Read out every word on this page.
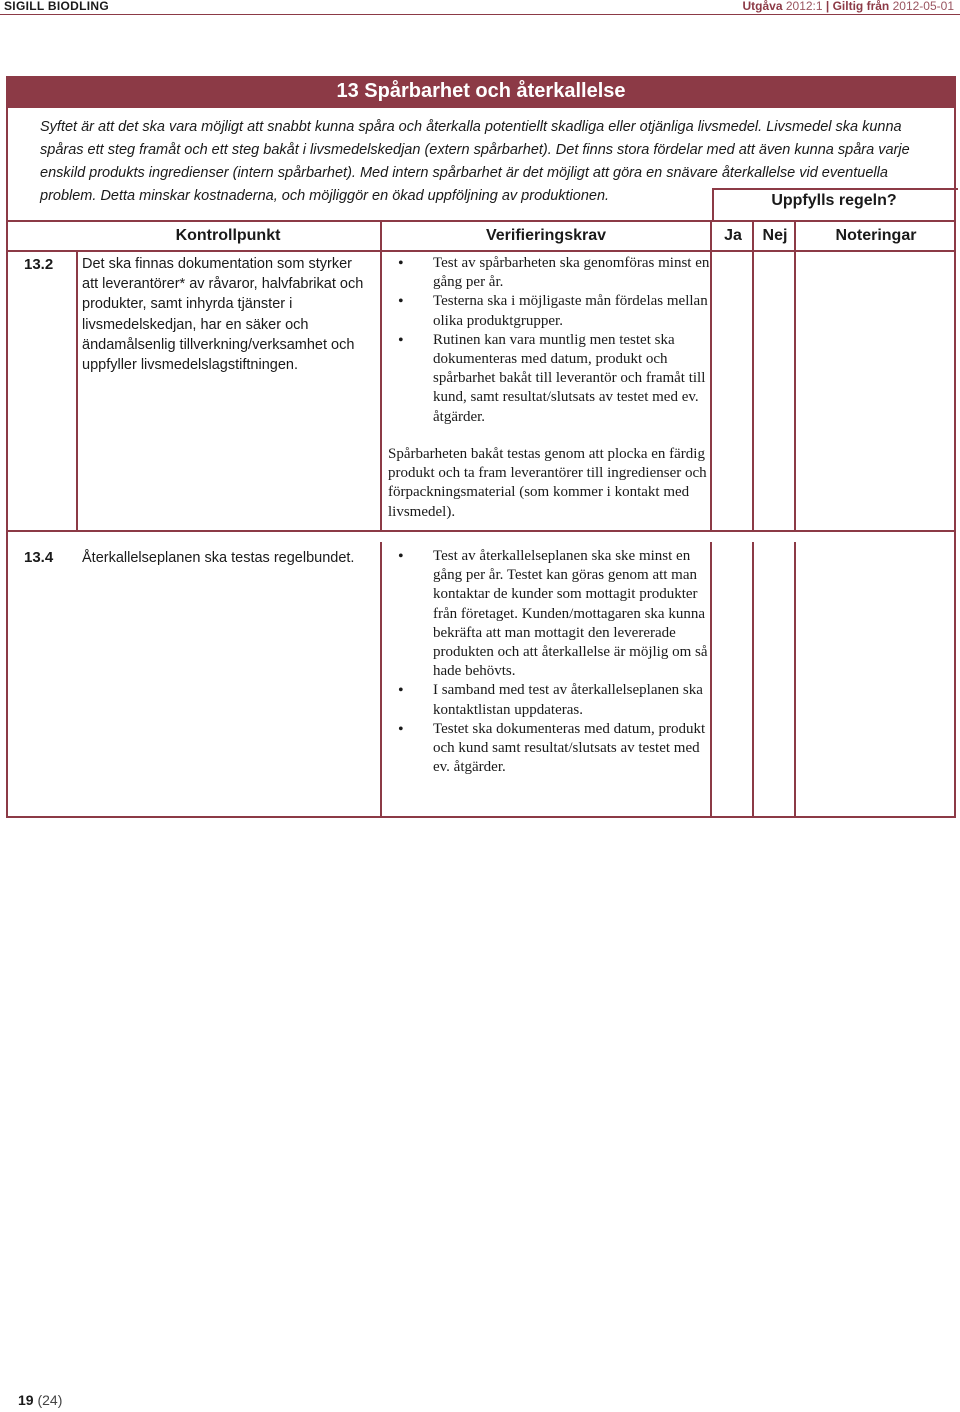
SIGILL BIODLING	Utgåva 2012:1 | Giltig från 2012-05-01
13 Spårbarhet och återkallelse
Syftet är att det ska vara möjligt att snabbt kunna spåra och återkalla potentiellt skadliga eller otjänliga livsmedel. Livsmedel ska kunna spåras ett steg framåt och ett steg bakåt i livsmedelskedjan (extern spårbarhet). Det finns stora fördelar med att även kunna spåra varje enskild produkts ingredienser (intern spårbarhet). Med intern spårbarhet är det möjligt att göra en snävare återkallelse vid eventuella problem. Detta minskar kostnaderna, och möjliggör en ökad uppföljning av produktionen.	Uppfylls regeln?
Kontrollpunkt	Verifieringskrav	Ja	Nej	Noteringar
13.2 Det ska finnas dokumentation som styrker att leverantörer* av råvaror, halvfabrikat och produkter, samt inhyrda tjänster i livsmedelskedjan, har en säker och ändamålsenlig tillverkning/verksamhet och uppfyller livsmedelslagstiftningen.
• Test av spårbarheten ska genomföras minst en gång per år.
• Testerna ska i möjligaste mån fördelas mellan olika produktgrupper.
• Rutinen kan vara muntlig men testet ska dokumenteras med datum, produkt och spårbarhet bakåt till leverantör och framåt till kund, samt resultat/slutsats av testet med ev. åtgärder.

Spårbarheten bakåt testas genom att plocka en färdig produkt och ta fram leverantörer till ingredienser och förpackningsmaterial (som kommer i kontakt med livsmedel).

13.4 Återkallelseplanen ska testas regelbundet.
•	Test av återkallelseplanen ska ske minst en gång per år. Testet kan göras genom att man kontaktar de kunder som mottagit produkter från företaget. Kunden/mottagaren ska kunna bekräfta att man mottagit den levererade produkten och att återkallelse är möjlig om så hade behövts.
• I samband med test av återkallelseplanen ska kontaktlistan uppdateras.
• Testet ska dokumenteras med datum, produkt och kund samt resultat/slutsats av testet med ev. åtgärder.
19 (24)
